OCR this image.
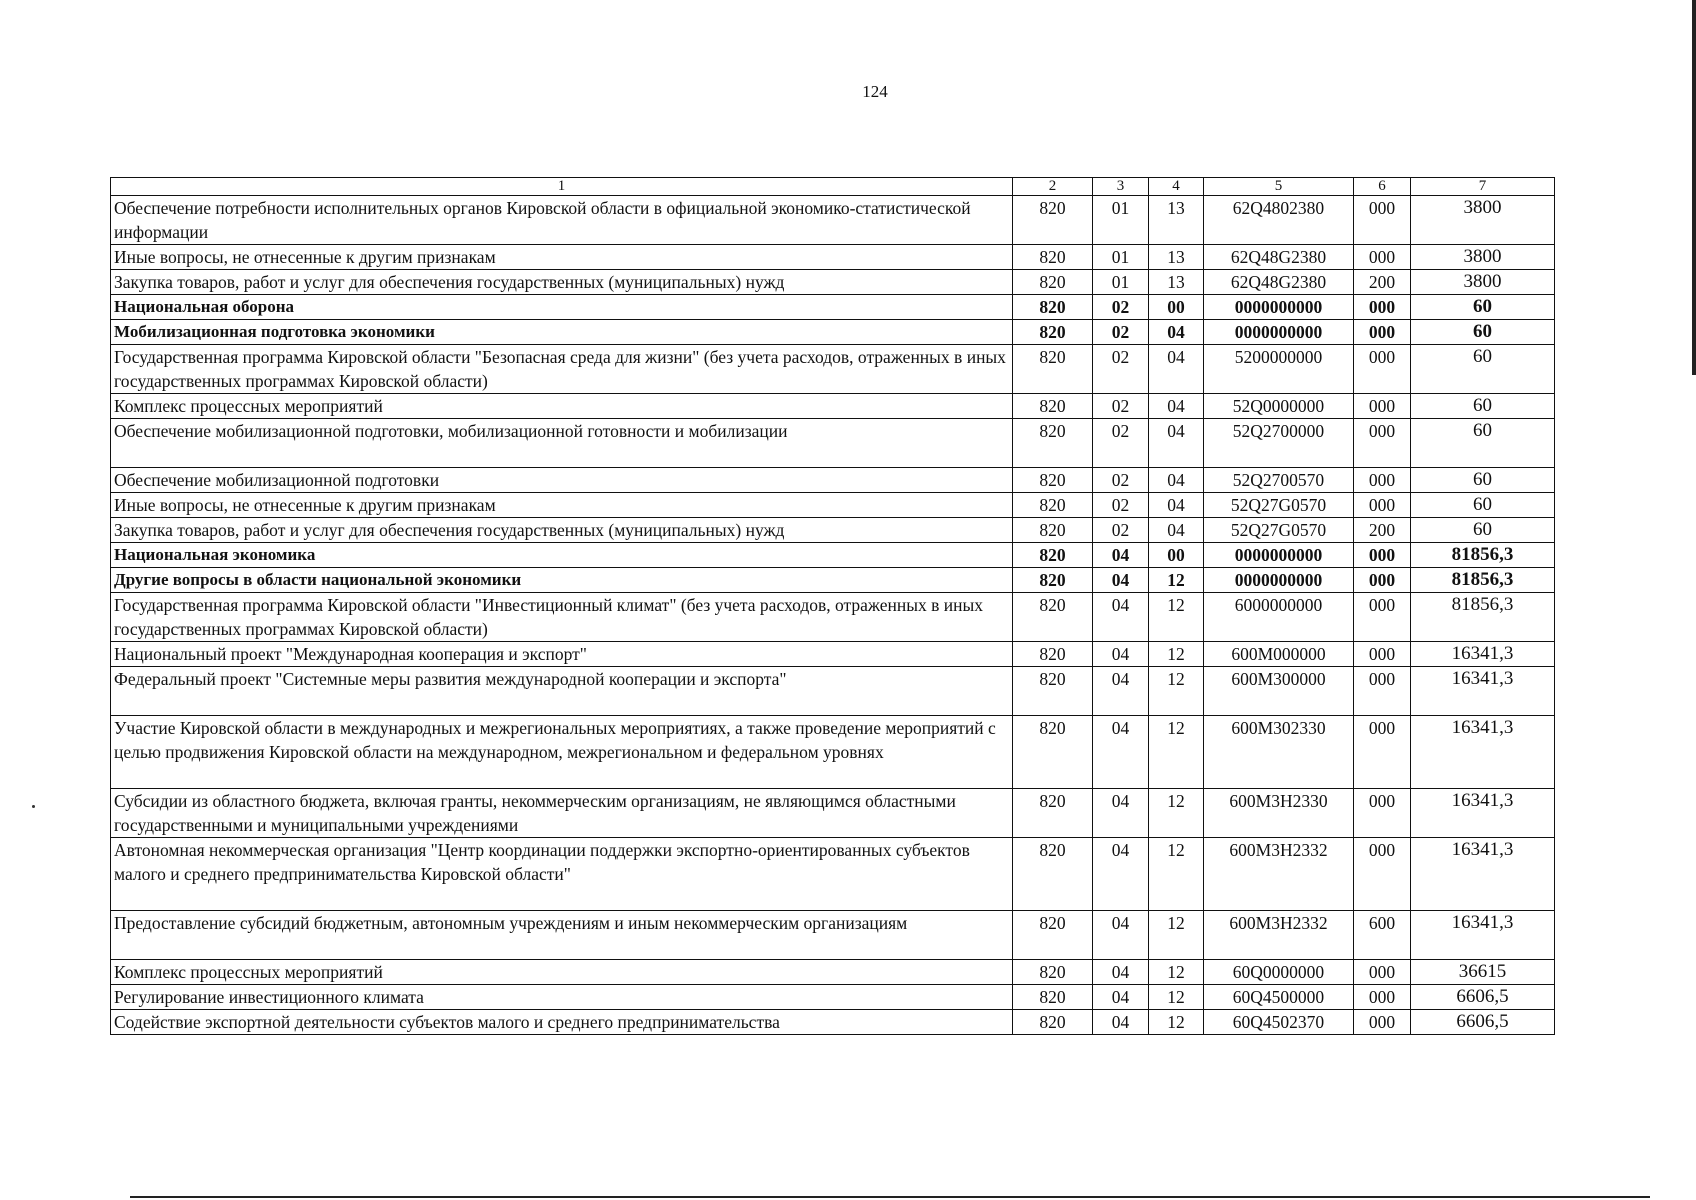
124
1	2	3	4	5	6	7
Обеспечение потребности исполнительных органов Кировской области в официальной экономико-статистической информации	820	01	13	62Q4802380	000	3800
Иные вопросы, не отнесенные к другим признакам	820	01	13	62Q48G2380	000	3800
Закупка товаров, работ и услуг для обеспечения государственных (муниципальных) нужд	820	01	13	62Q48G2380	200	3800
Национальная оборона	820	02	00	0000000000	000	60
Мобилизационная подготовка экономики	820	02	04	0000000000	000	60
Государственная программа Кировской области "Безопасная среда для жизни" (без учета расходов, отраженных в иных государственных программах Кировской области)	820	02	04	5200000000	000	60
Комплекс процессных мероприятий	820	02	04	52Q0000000	000	60
Обеспечение мобилизационной подготовки, мобилизационной готовности и мобилизации	820	02	04	52Q2700000	000	60
Обеспечение мобилизационной подготовки	820	02	04	52Q2700570	000	60
Иные вопросы, не отнесенные к другим признакам	820	02	04	52Q27G0570	000	60
Закупка товаров, работ и услуг для обеспечения государственных (муниципальных) нужд	820	02	04	52Q27G0570	200	60
Национальная экономика	820	04	00	0000000000	000	81856,3
Другие вопросы в области национальной экономики	820	04	12	0000000000	000	81856,3
Государственная программа Кировской области "Инвестиционный климат" (без учета расходов, отраженных в иных государственных программах Кировской области)	820	04	12	6000000000	000	81856,3
Национальный проект "Международная кооперация и экспорт"	820	04	12	600M000000	000	16341,3
Федеральный проект "Системные меры развития международной кооперации и экспорта"	820	04	12	600M300000	000	16341,3
Участие Кировской области в международных и межрегиональных мероприятиях, а также проведение мероприятий с целью продвижения Кировской области на международном, межрегиональном и федеральном уровнях	820	04	12	600M302330	000	16341,3
Субсидии из областного бюджета, включая гранты, некоммерческим организациям, не являющимся областными государственными и муниципальными учреждениями	820	04	12	600M3H2330	000	16341,3
Автономная некоммерческая организация "Центр координации поддержки экспортно-ориентированных субъектов малого и среднего предпринимательства Кировской области"	820	04	12	600M3H2332	000	16341,3
Предоставление субсидий бюджетным, автономным учреждениям и иным некоммерческим организациям	820	04	12	600M3H2332	600	16341,3
Комплекс процессных мероприятий	820	04	12	60Q0000000	000	36615
Регулирование инвестиционного климата	820	04	12	60Q4500000	000	6606,5
Содействие экспортной деятельности субъектов малого и среднего предпринимательства	820	04	12	60Q4502370	000	6606,5
